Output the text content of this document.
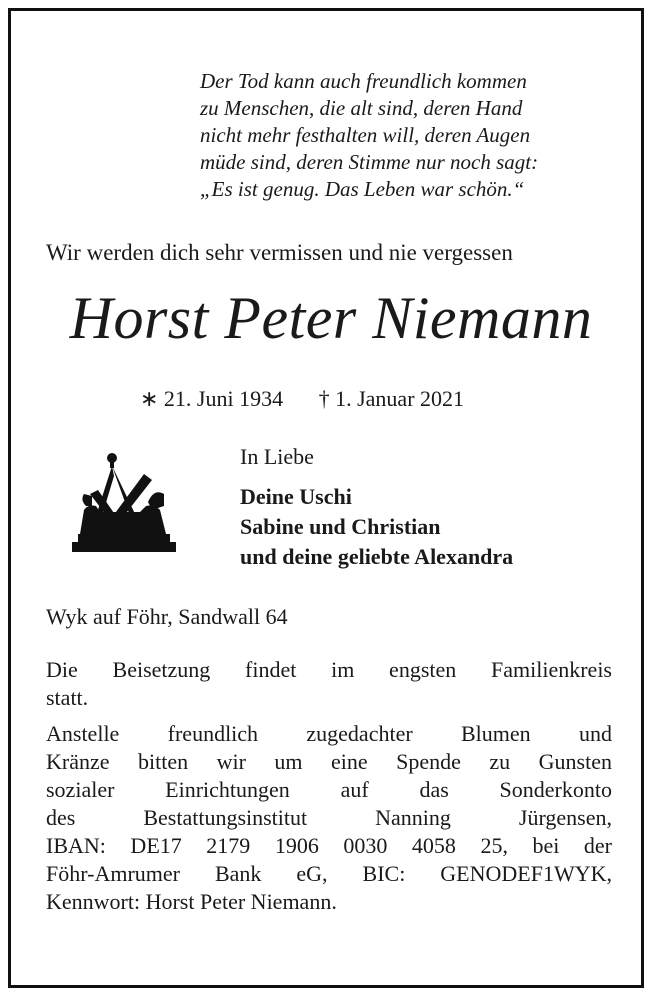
Der Tod kann auch freundlich kommen
zu Menschen, die alt sind, deren Hand
nicht mehr festhalten will, deren Augen
müde sind, deren Stimme nur noch sagt:
„Es ist genug. Das Leben war schön.“
Wir werden dich sehr vermissen und nie vergessen
Horst Peter Niemann
∗ 21. Juni 1934 † 1. Januar 2021
In Liebe
Deine Uschi
Sabine und Christian
und deine geliebte Alexandra
Wyk auf Föhr, Sandwall 64

Die Beisetzung findet im engsten Familienkreis
statt.

Anstelle freundlich zugedachter Blumen und
Kränze bitten wir um eine Spende zu Gunsten
sozialer Einrichtungen auf das Sonderkonto
des Bestattungsinstitut Nanning Jürgensen,
IBAN: DE17 2179 1906 0030 4058 25, bei der
Föhr-Amrumer Bank eG, BIC: GENODEF1WYK,
Kennwort: Horst Peter Niemann.
